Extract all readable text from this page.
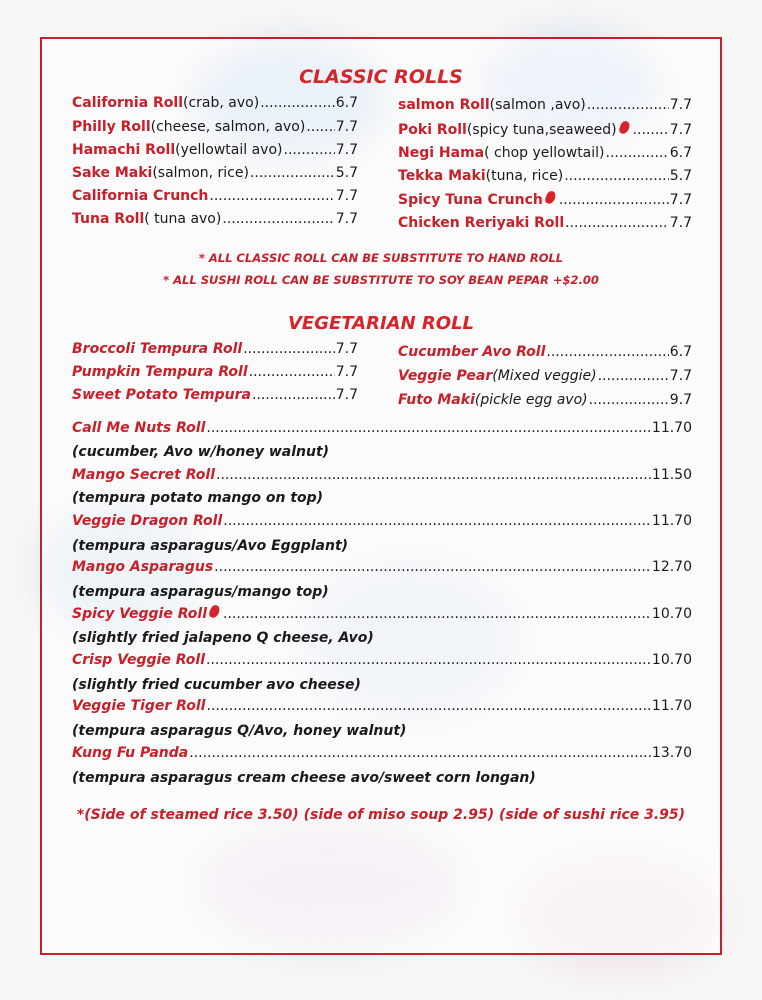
CLASSIC ROLLS
California Roll (crab, avo) .....	6.7
Philly Roll (cheese, salmon, avo) ..... 7.7
Hamachi Roll (yellowtail avo) .....	7.7
Sake Maki (salmon, rice) .....	5.7
California Crunch .....	7.7
Tuna Roll ( tuna avo) .....	7.7
salmon Roll (salmon ,avo) .....	7.7
Poki Roll (spicy tuna,seaweed) .....	7.7
Negi Hama ( chop yellowtail) .....	6.7
Tekka Maki (tuna, rice) .....	5.7
Spicy Tuna Crunch .....	7.7
Chicken Reriyaki Roll .....	7.7
* ALL CLASSIC ROLL CAN BE SUBSTITUTE TO HAND ROLL
* ALL SUSHI ROLL CAN BE SUBSTITUTE TO SOY BEAN PEPAR +$2.00
VEGETARIAN ROLL
Broccoli Tempura Roll .....	7.7
Pumpkin Tempura Roll .....	7.7
Sweet Potato Tempura .....	7.7
Cucumber Avo Roll .....	6.7
Veggie Pear (Mixed veggie) .....	7.7
Futo Maki (pickle egg avo) .....	9.7
Call Me Nuts Roll .....	11.70
(cucumber, Avo w/honey walnut)
Mango Secret Roll .....	11.50
(tempura potato mango on top)
Veggie Dragon Roll .....	11.70
(tempura asparagus/Avo Eggplant)
Mango Asparagus .....	12.70
(tempura asparagus/mango top)
Spicy Veggie Roll .....	10.70
(slightly fried jalapeno Q cheese, Avo)
Crisp Veggie Roll .....	10.70
(slightly fried cucumber avo cheese)
Veggie Tiger Roll .....	11.70
(tempura asparagus Q/Avo, honey walnut)
Kung Fu Panda .....	13.70
(tempura asparagus cream cheese avo/sweet corn longan)
*(Side of steamed rice 3.50) (side of miso soup 2.95) (side of sushi rice 3.95)
